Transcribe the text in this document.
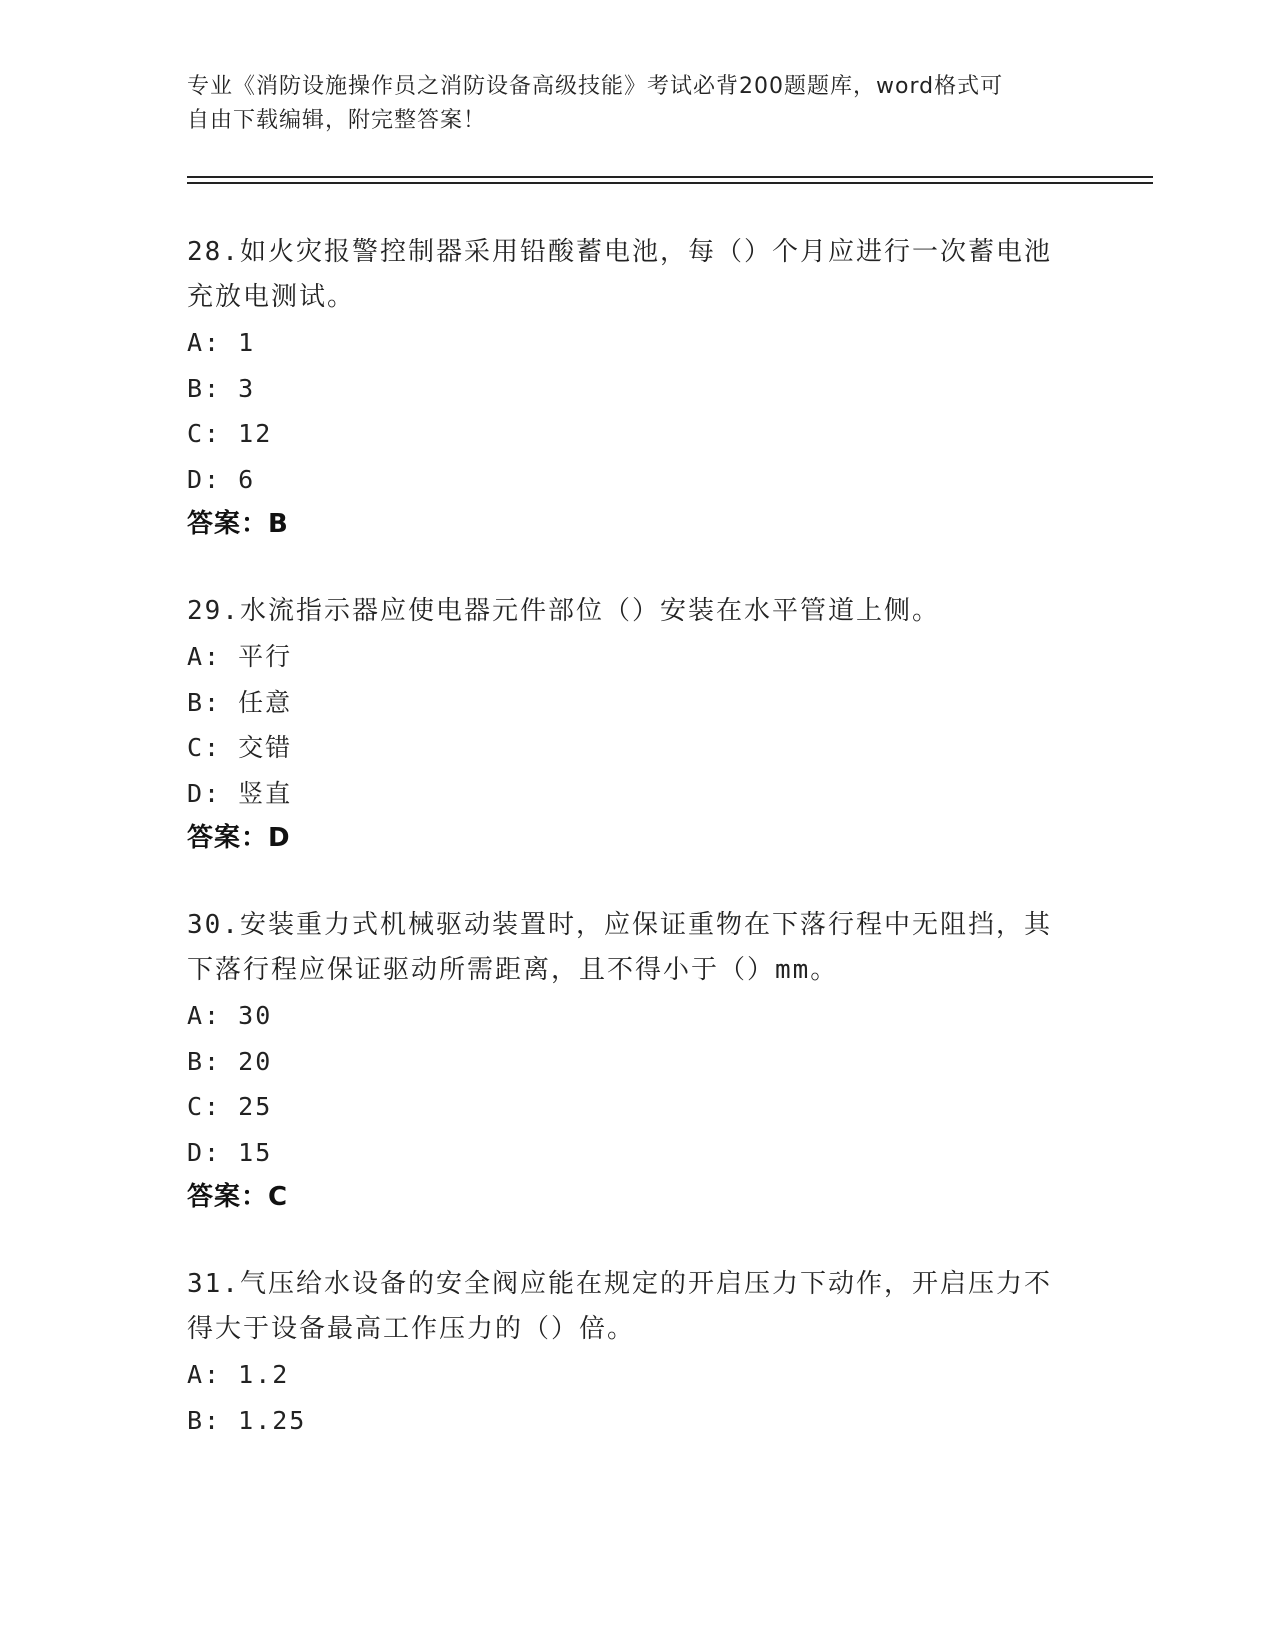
专业《消防设施操作员之消防设备高级技能》考试必背200题题库，word格式可
自由下载编辑，附完整答案！

28.如火灾报警控制器采用铅酸蓄电池，每（）个月应进行一次蓄电池

充放电测试。

A: 1

B: 3

C: 12

D: 6

答案：B

29.水流指示器应使电器元件部位（）安装在水平管道上侧。

A: 平行

B: 任意

C: 交错

D: 竖直

答案：D

30.安装重力式机械驱动装置时，应保证重物在下落行程中无阻挡，其

下落行程应保证驱动所需距离，且不得小于（）mm。

A: 30

B: 20

C: 25

D: 15

答案：C

31.气压给水设备的安全阀应能在规定的开启压力下动作，开启压力不

得大于设备最高工作压力的（）倍。

A: 1.2

B: 1.25
